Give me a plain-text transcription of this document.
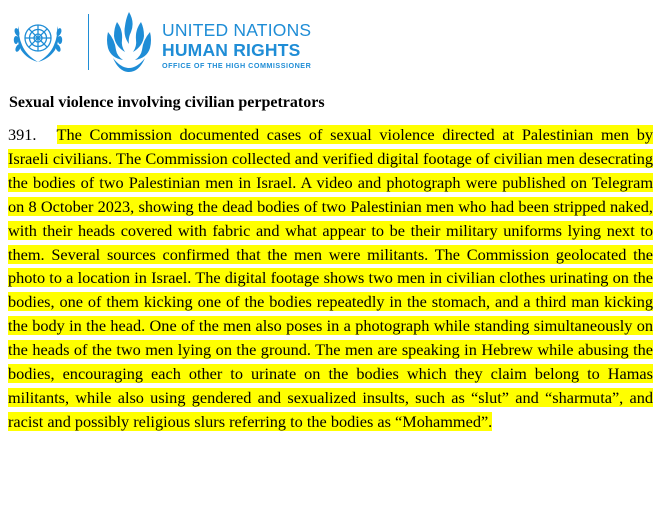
UNITED NATIONS
HUMAN RIGHTS
OFFICE OF THE HIGH COMMISSIONER
Sexual violence involving civilian perpetrators
391. The Commission documented cases of sexual violence directed at Palestinian men by Israeli civilians. The Commission collected and verified digital footage of civilian men desecrating the bodies of two Palestinian men in Israel. A video and photograph were published on Telegram on 8 October 2023, showing the dead bodies of two Palestinian men who had been stripped naked, with their heads covered with fabric and what appear to be their military uniforms lying next to them. Several sources confirmed that the men were militants. The Commission geolocated the photo to a location in Israel. The digital footage shows two men in civilian clothes urinating on the bodies, one of them kicking one of the bodies repeatedly in the stomach, and a third man kicking the body in the head. One of the men also poses in a photograph while standing simultaneously on the heads of the two men lying on the ground. The men are speaking in Hebrew while abusing the bodies, encouraging each other to urinate on the bodies which they claim belong to Hamas militants, while also using gendered and sexualized insults, such as “slut” and “sharmuta”, and racist and possibly religious slurs referring to the bodies as “Mohammed”.
